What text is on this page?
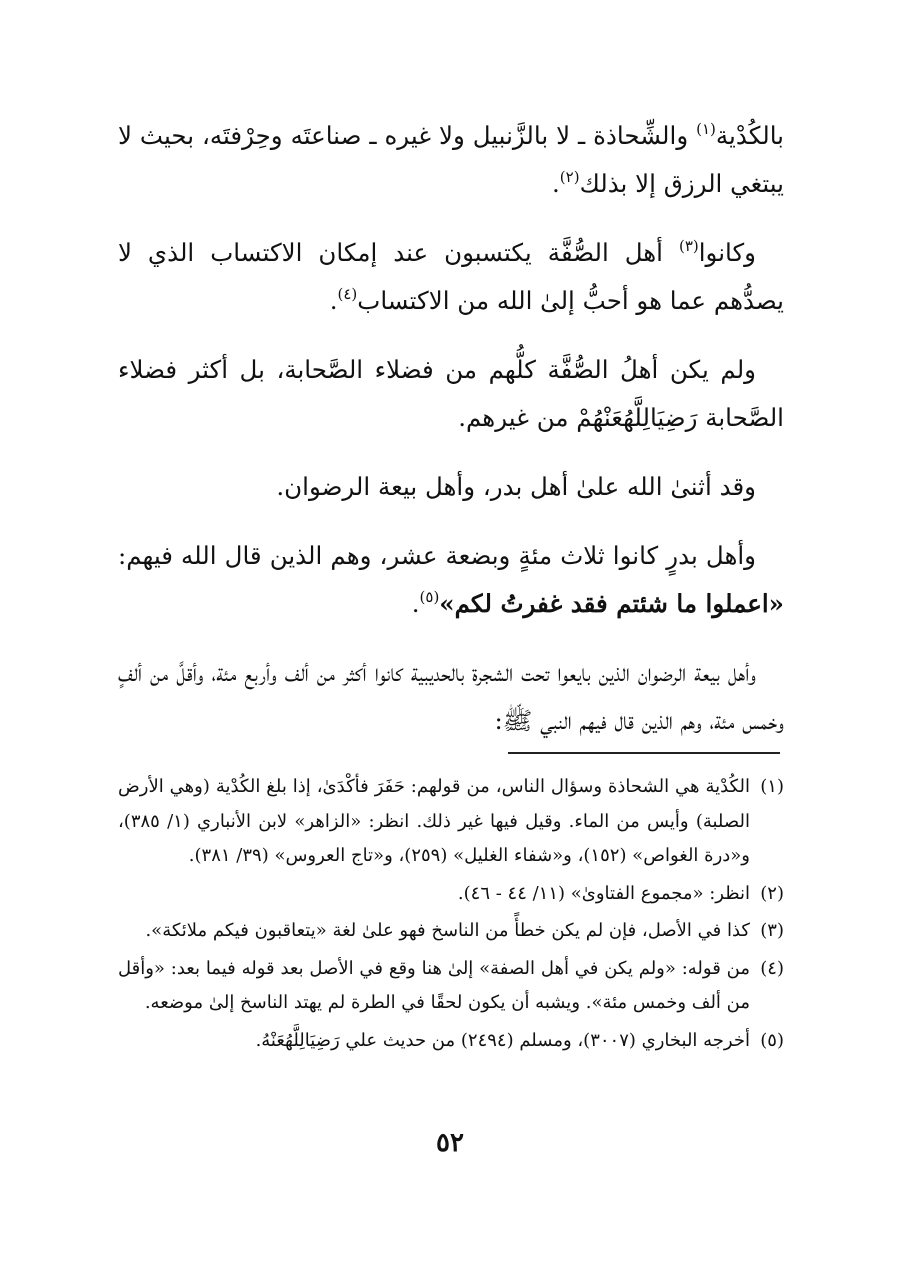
بالكُدْية$^{(١)}$ والشِّحاذة ـ لا بالزَّنبيل ولا غيره ـ صناعتَه وحِرْفتَه، بحيث لا يبتغي الرزق إلا بذلك$^{(٢)}$.

وكانوا$^{(٣)}$ أهل الصُّفَّة يكتسبون عند إمكان الاكتساب الذي لا يصدُّهم عما هو أحبُّ إلىٰ الله من الاكتساب$^{(٤)}$.

ولم يكن أهلُ الصُّفَّة كلُّهم من فضلاء الصَّحابة، بل أكثر فضلاء الصَّحابة رَضِيَالِلَّهُعَنْهُمْ من غيرهم.

وقد أثنىٰ الله علىٰ أهل بدر، وأهل بيعة الرضوان.

وأهل بدرٍ كانوا ثلاث مئةٍ وبضعة عشر، وهم الذين قال الله فيهم: «اعملوا ما شئتم فقد غفرتُ لكم»$^{(٥)}$.

وأهل بيعة الرضوان الذين بايعوا تحت الشجرة بالحديبية كانوا أكثر من ألف وأربع مئة، وأقلَّ من ألفٍ وخمس مئة، وهم الذين قال فيهم النبي ﷺ:

(١)
الكُدْية هي الشحاذة وسؤال الناس، من قولهم: حَفَرَ فأكْدَىٰ، إذا بلغ الكُدْية (وهي الأرض الصلبة) وأيس من الماء. وقيل فيها غير ذلك. انظر: «الزاهر» لابن الأنباري (١/ ٣٨٥)، و«درة الغواص» (١٥٢)، و«شفاء الغليل» (٢٥٩)، و«تاج العروس» (٣٩/ ٣٨١).
(٢)
انظر: «مجموع الفتاوىٰ» (١١/ ٤٤ - ٤٦).
(٣)
كذا في الأصل، فإن لم يكن خطأً من الناسخ فهو علىٰ لغة «يتعاقبون فيكم ملائكة».
(٤)
من قوله: «ولم يكن في أهل الصفة» إلىٰ هنا وقع في الأصل بعد قوله فيما بعد: «وأقل من ألف وخمس مئة». ويشبه أن يكون لحقًا في الطرة لم يهتد الناسخ إلىٰ موضعه.
(٥)
أخرجه البخاري (٣٠٠٧)، ومسلم (٢٤٩٤) من حديث علي رَضِيَالِلَّهُعَنْهُ.
٥٢
